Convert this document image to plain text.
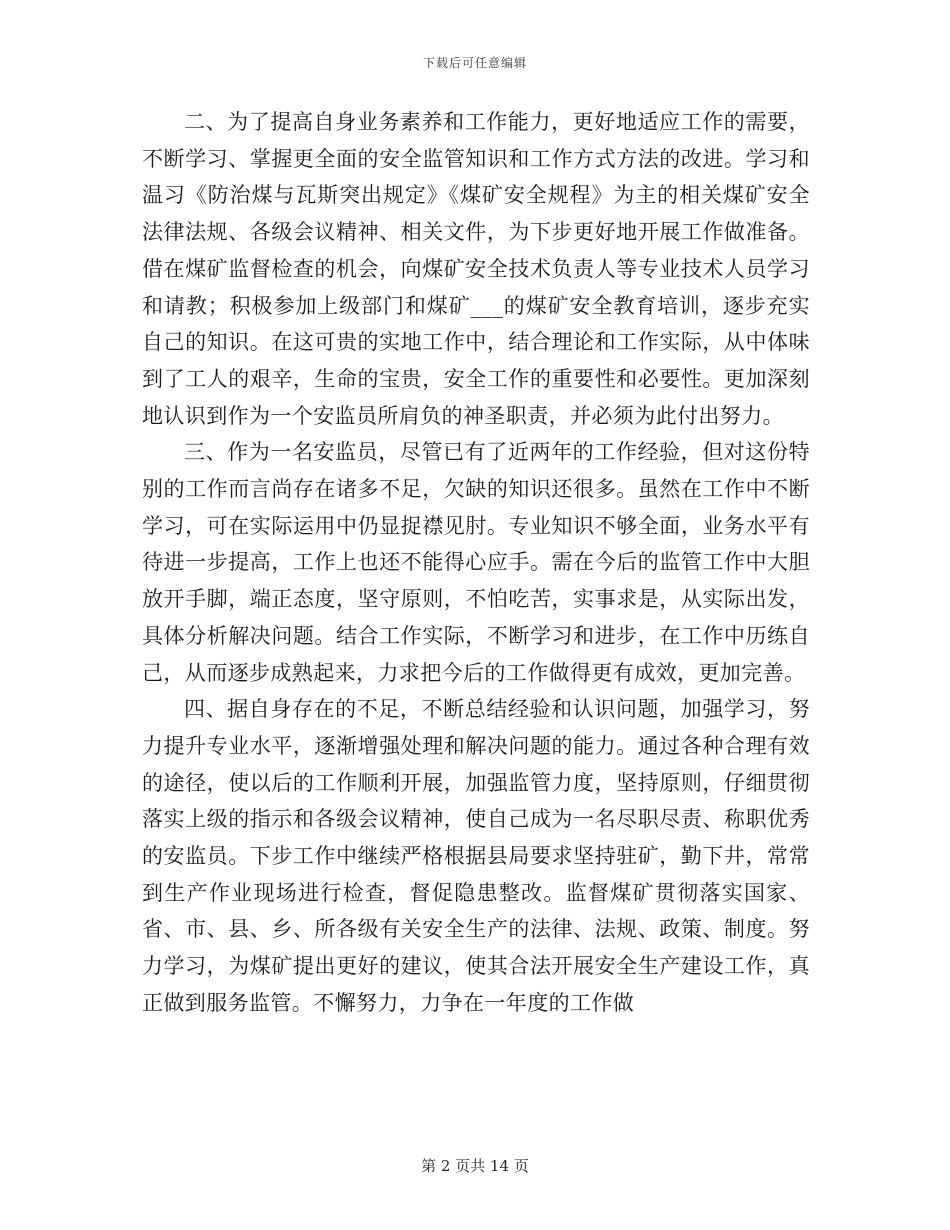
下载后可任意编辑

二、为了提高自身业务素养和工作能力，更好地适应工作的需要，不断学习、掌握更全面的安全监管知识和工作方式方法的改进。学习和温习《防治煤与瓦斯突出规定》《煤矿安全规程》为主的相关煤矿安全法律法规、各级会议精神、相关文件，为下步更好地开展工作做准备。借在煤矿监督检查的机会，向煤矿安全技术负责人等专业技术人员学习和请教；积极参加上级部门和煤矿___的煤矿安全教育培训，逐步充实自己的知识。在这可贵的实地工作中，结合理论和工作实际，从中体味到了工人的艰辛，生命的宝贵，安全工作的重要性和必要性。更加深刻地认识到作为一个安监员所肩负的神圣职责，并必须为此付出努力。

三、作为一名安监员，尽管已有了近两年的工作经验，但对这份特别的工作而言尚存在诸多不足，欠缺的知识还很多。虽然在工作中不断学习，可在实际运用中仍显捉襟见肘。专业知识不够全面，业务水平有待进一步提高，工作上也还不能得心应手。需在今后的监管工作中大胆放开手脚，端正态度，坚守原则，不怕吃苦，实事求是，从实际出发，具体分析解决问题。结合工作实际，不断学习和进步，在工作中历练自己，从而逐步成熟起来，力求把今后的工作做得更有成效，更加完善。

四、据自身存在的不足，不断总结经验和认识问题，加强学习，努力提升专业水平，逐渐增强处理和解决问题的能力。通过各种合理有效的途径，使以后的工作顺利开展，加强监管力度，坚持原则，仔细贯彻落实上级的指示和各级会议精神，使自己成为一名尽职尽责、称职优秀的安监员。下步工作中继续严格根据县局要求坚持驻矿，勤下井，常常到生产作业现场进行检查，督促隐患整改。监督煤矿贯彻落实国家、省、市、县、乡、所各级有关安全生产的法律、法规、政策、制度。努力学习，为煤矿提出更好的建议，使其合法开展安全生产建设工作，真正做到服务监管。不懈努力，力争在一年度的工作做

第 2 页共 14 页
